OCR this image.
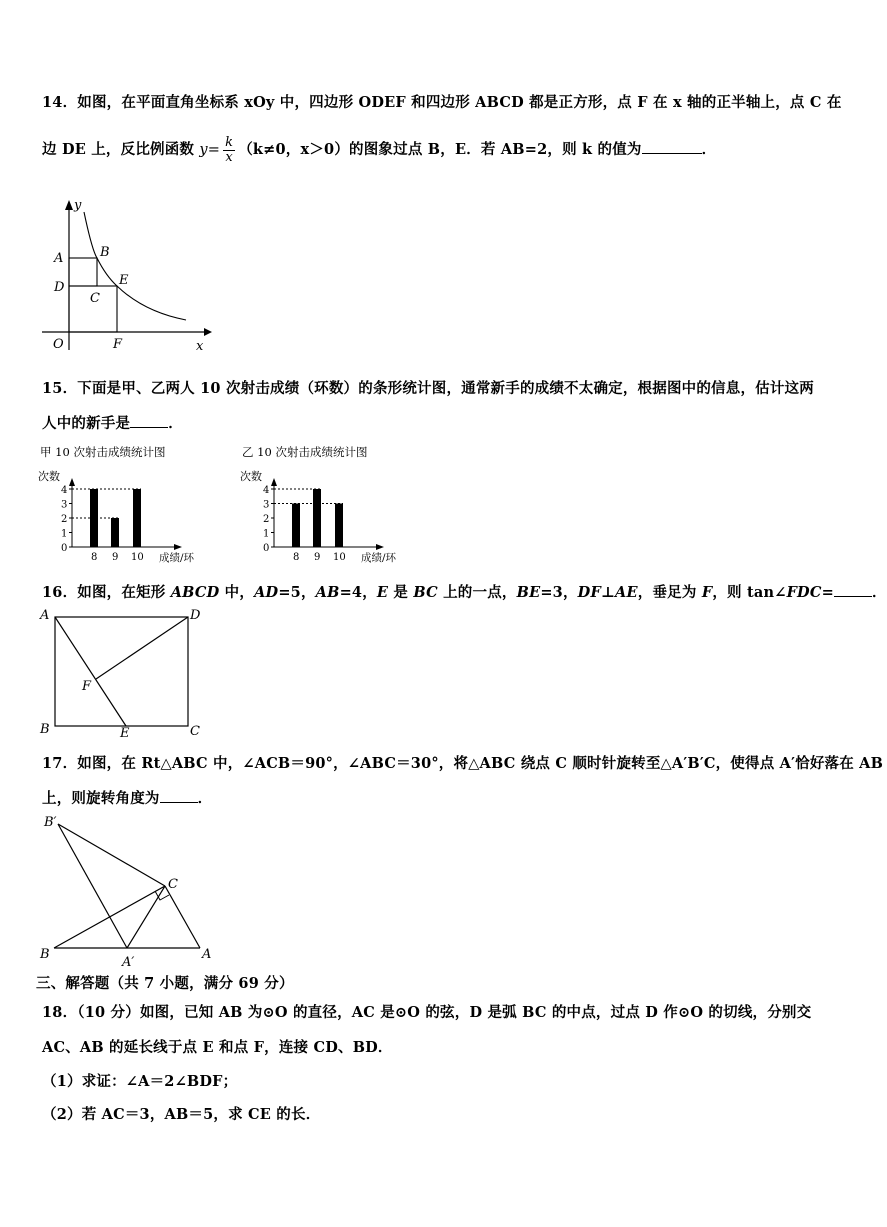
14．如图，在平面直角坐标系 xOy 中，四边形 ODEF 和四边形 ABCD 都是正方形，点 F 在 x 轴的正半轴上，点 C 在
边 DE 上，反比例函数 $y= \frac{k}{x} (k\ne 0$，x＞0）的图象过点 B，E．若 AB=2，则 k 的值为	．
y
A	B
D	E
C
O	F	x
15．下面是甲、乙两人 10 次射击成绩（环数）的条形统计图，通常新手的成绩不太确定，根据图中的信息，估计这两
人中的新手是	．
甲 10 次射击成绩统计图
次数
成绩/环
0
1
2
3
4
8 9 10
乙 10 次射击成绩统计图
次数
成绩/环
0
1
2
3
4
8 9 10
16．如图，在矩形 ABCD 中，AD=5，AB=4，E 是 BC 上的一点，BE=3，DF⊥AE，垂足为 F，则 tan∠FDC=	．
A	D
F
B	E	C
17．如图，在 Rt△ABC 中，∠ACB＝90°，∠ABC＝30°，将△ABC 绕点 C 顺时针旋转至△A′B′C，使得点 A′恰好落在 AB
上，则旋转角度为	．
B′
C
B
A′
A
三、解答题（共 7 小题，满分 69 分）
18．（10 分）如图，已知 AB 为⊙O 的直径，AC 是⊙O 的弦，D 是弧 BC 的中点，过点 D 作⊙O 的切线，分别交
AC、AB 的延长线于点 E 和点 F，连接 CD、BD．
（1）求证：∠A＝2∠BDF；
（2）若 AC＝3，AB＝5，求 CE 的长．
